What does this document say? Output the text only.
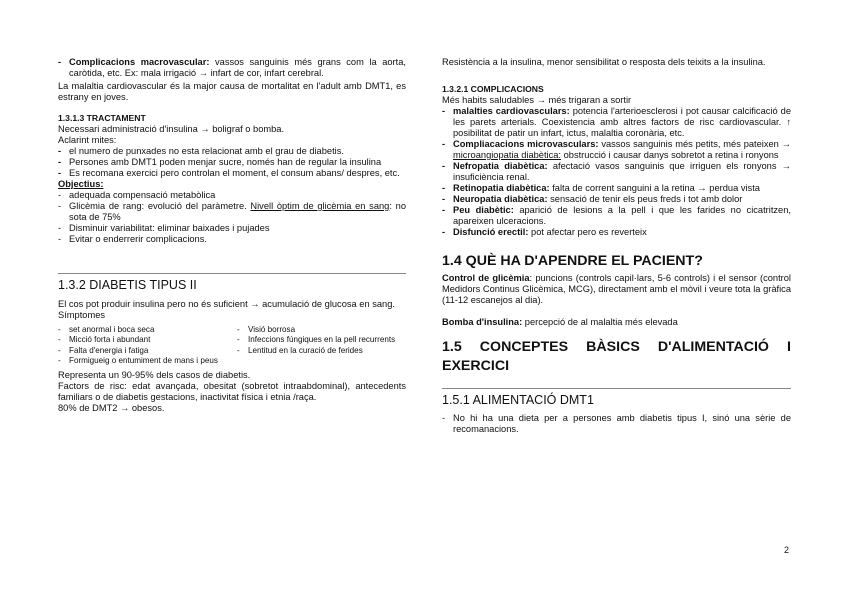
- Complicacions macrovascular: vassos sanguinis més grans com la aorta, caròtida, etc. Ex: mala irrigació → infart de cor, infart cerebral.

La malaltia cardiovascular és la major causa de mortalitat en l'adult amb DMT1, es estrany en joves.

1.3.1.3 TRACTAMENT

Necessari administració d'insulina → boligraf o bomba.

Aclarint mites:

- el numero de punxades no esta relacionat amb el grau de diabetis.
- Persones amb DMT1 poden menjar sucre, només han de regular la insulina
- Es recomana exercici pero controlan el moment, el consum abans/ despres, etc.

Objectius:

- adequada compensació metabòlica
- Glicèmia de rang: evolució del paràmetre. Nivell òptim de glicèmia en sang: no sota de 75%
- Disminuir variabilitat: eliminar baixades i pujades
- Evitar o enderrerir complicacions.

1.3.2 DIABETIS TIPUS II

El cos pot produir insulina pero no és suficient → acumulació de glucosa en sang.

Símptomes

- set anormal i boca seca
- Micció forta i abundant
- Falta d'energia i fatiga
- Formigueig o entumiment de mans i peus
- Visió borrosa
- Infeccions fúngiques en la pell recurrents
- Lentitud en la curació de ferides

Representa un 90-95% dels casos de diabetis.

Factors de risc: edat avançada, obesitat (sobretot intraabdominal), antecedents familiars o de diabetis gestacions, inactivitat física i etnia /raça.

80% de DMT2 → obesos.

Resistència a la insulina, menor sensibilitat o resposta dels teixits a la insulina.

1.3.2.1 COMPLICACIONS

Més habits saludables → més trigaran a sortir

- malalties cardiovasculars: potencia l'arterioesclerosi i pot causar calcificació de les parets arterials. Coexistencia amb altres factors de risc cardiovascular. ↑ posibilitat de patir un infart, ictus, malaltia coronària, etc.
- Compliacacions microvasculars: vassos sanguinis més petits, més pateixen → microangiopatia diabètica: obstrucció i causar danys sobretot a retina i ronyons
- Nefropatia diabètica: afectació vasos sanguinis que irriguen els ronyons → insuficiència renal.
- Retinopatia diabètica: falta de corrent sanguini a la retina → perdua vista
- Neuropatia diabètica: sensació de tenir els peus freds i tot amb dolor
- Peu diabètic: aparició de lesions a la pell i que les farides no cicatritzen, apareixen ulceracions.
- Disfunció erectil: pot afectar pero es reverteix

1.4 QUÈ HA D'APENDRE EL PACIENT?

Control de glicèmia: puncions (controls capil·lars, 5-6 controls) i el sensor (control Medidors Continus Glicèmica, MCG), directament amb el mòvil i veure tota la gràfica (11-12 escanejos al dia).

Bomba d'insulina: percepció de al malaltia més elevada

1.5 CONCEPTES BÀSICS D'ALIMENTACIÓ I EXERCICI

1.5.1 ALIMENTACIÓ DMT1

- No hi ha una dieta per a persones amb diabetis tipus I, sinó una sèrie de recomanacions.
2
